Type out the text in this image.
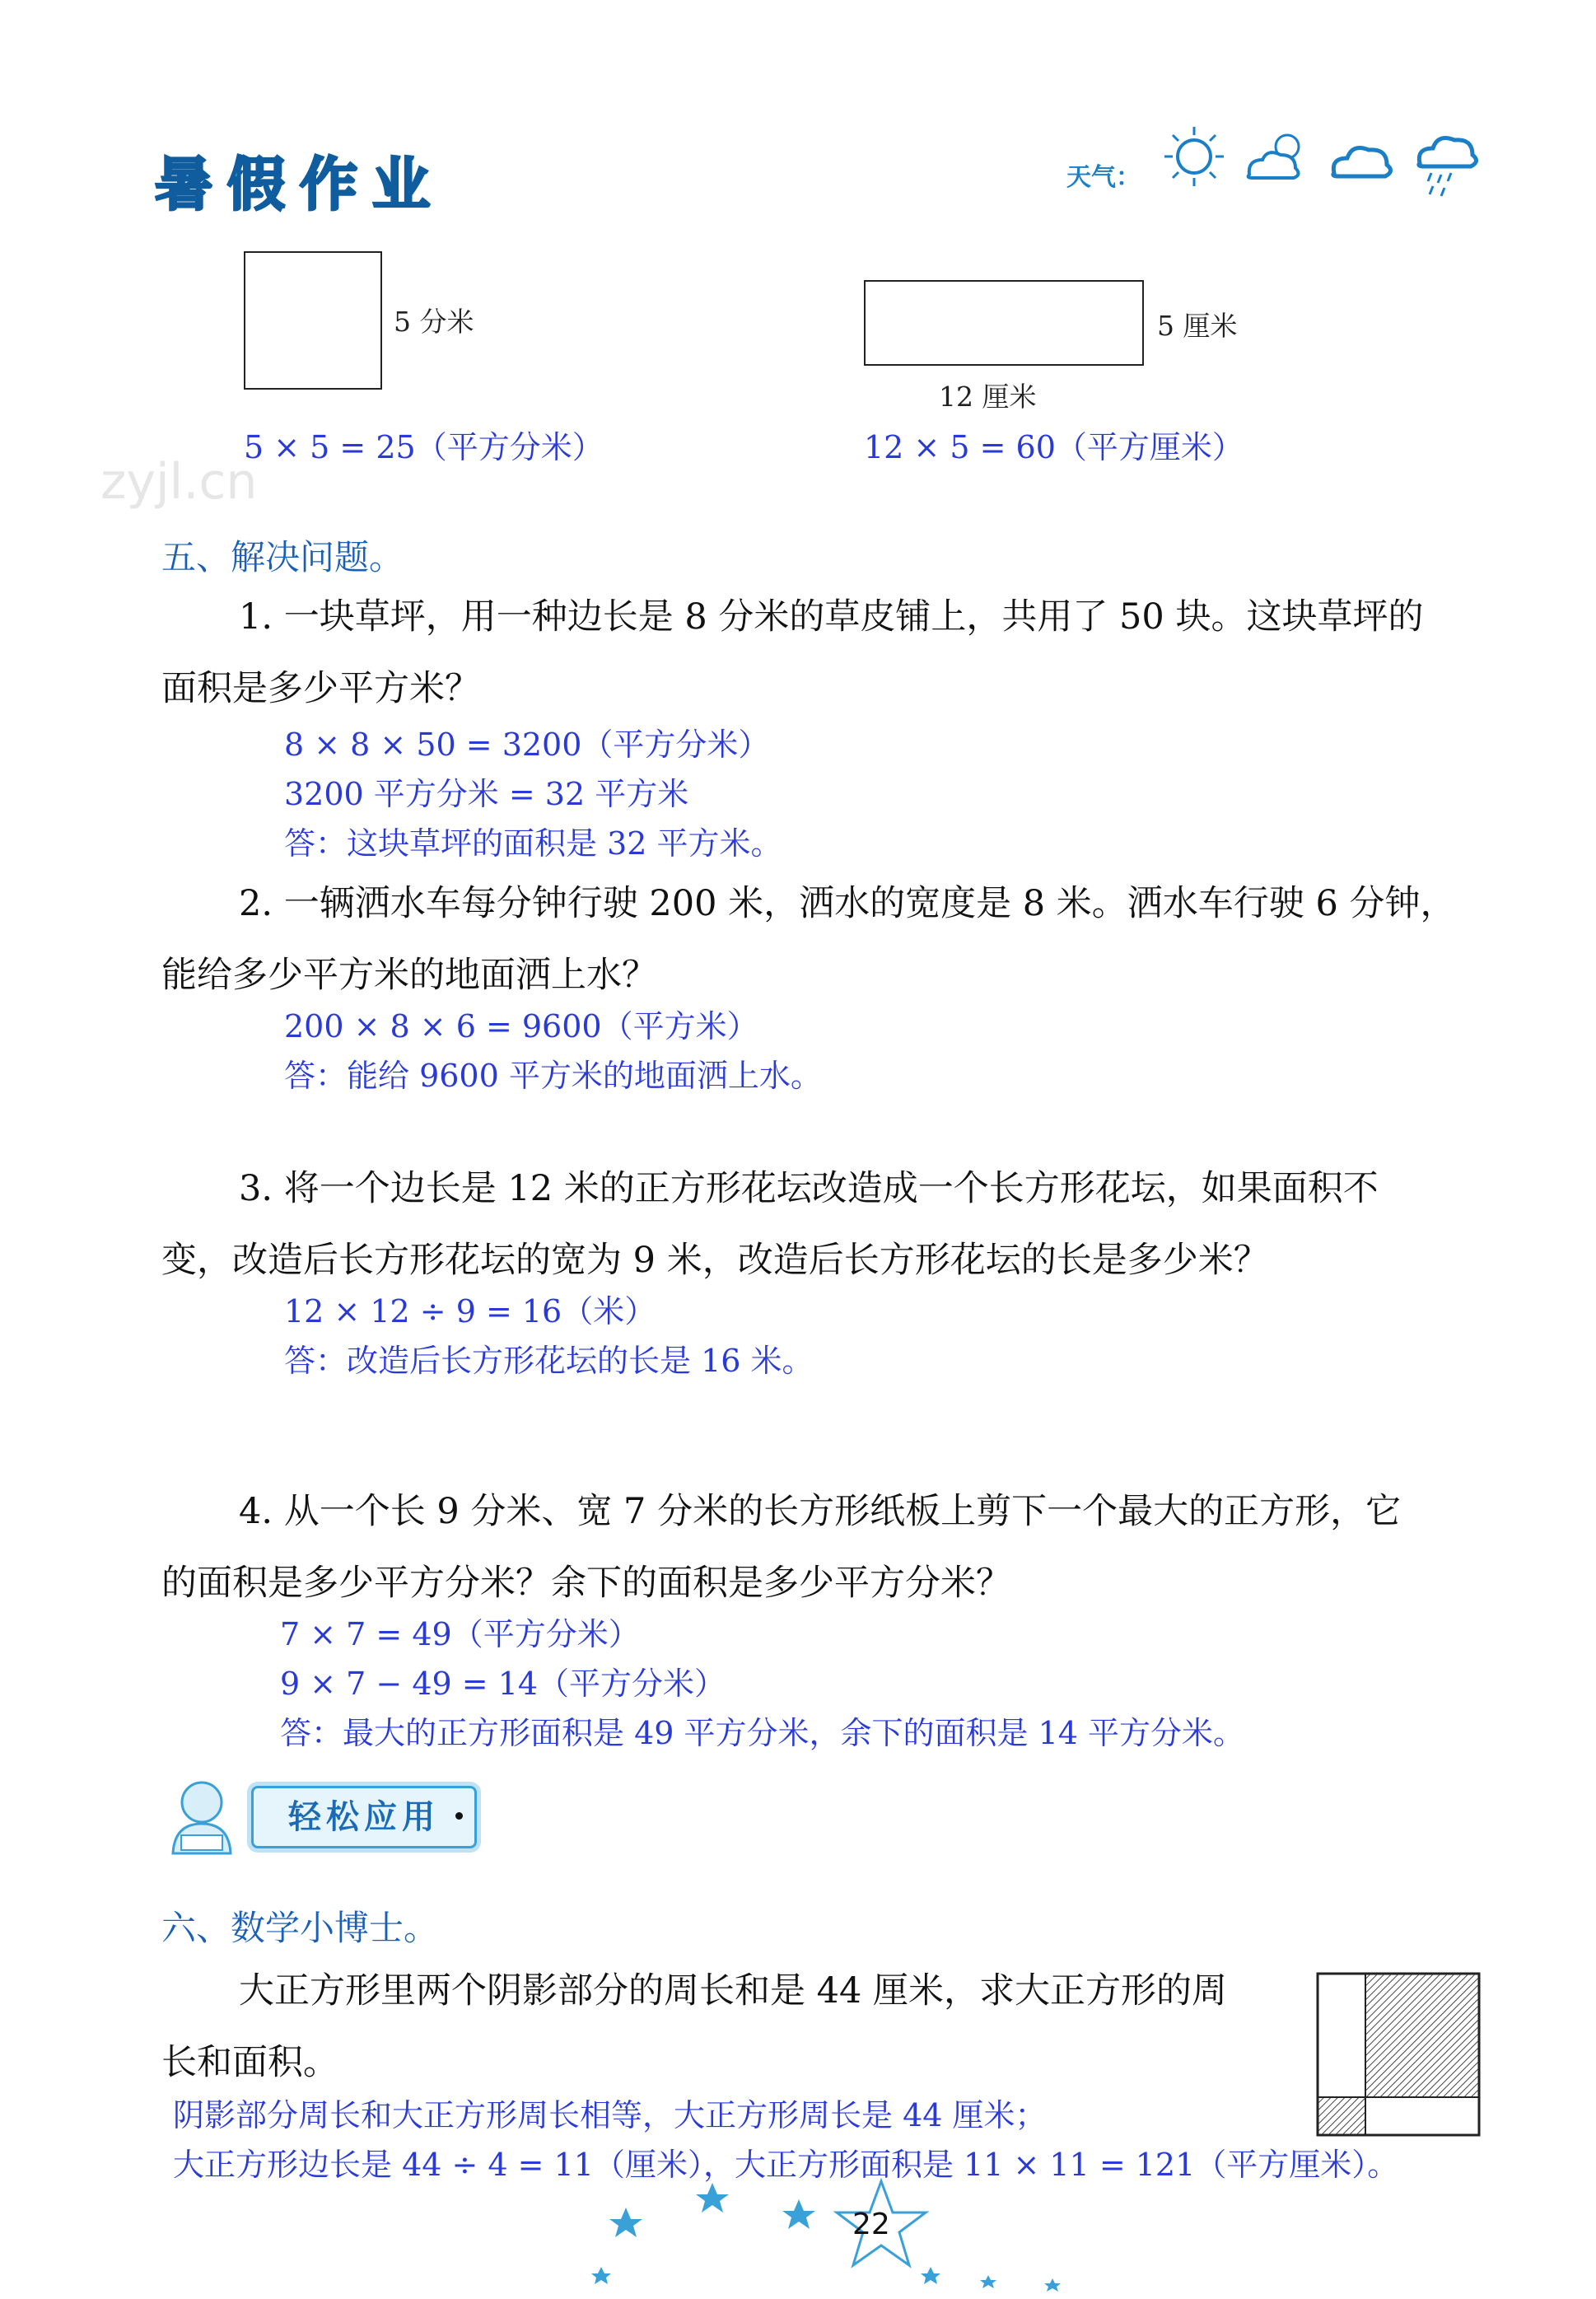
暑假作业	天气：
zyjl.cn
5 分米
5 × 5 = 25（平方分米）
5 厘米
12 厘米
12 × 5 = 60（平方厘米）
五、解决问题。
1. 一块草坪，用一种边长是 8 分米的草皮铺上，共用了 50 块。这块草坪的
面积是多少平方米？
8 × 8 × 50 = 3200（平方分米）
3200 平方分米 = 32 平方米
答：这块草坪的面积是 32 平方米。
2. 一辆洒水车每分钟行驶 200 米，洒水的宽度是 8 米。洒水车行驶 6 分钟，
能给多少平方米的地面洒上水？
200 × 8 × 6 = 9600（平方米）
答：能给 9600 平方米的地面洒上水。
3. 将一个边长是 12 米的正方形花坛改造成一个长方形花坛，如果面积不
变，改造后长方形花坛的宽为 9 米，改造后长方形花坛的长是多少米？
12 × 12 ÷ 9 = 16（米）
答：改造后长方形花坛的长是 16 米。
4. 从一个长 9 分米、宽 7 分米的长方形纸板上剪下一个最大的正方形，它
的面积是多少平方分米？余下的面积是多少平方分米？
7 × 7 = 49（平方分米）
9 × 7 − 49 = 14（平方分米）
答：最大的正方形面积是 49 平方分米，余下的面积是 14 平方分米。
轻松应用
六、数学小博士。
大正方形里两个阴影部分的周长和是 44 厘米，求大正方形的周
长和面积。
阴影部分周长和大正方形周长相等，大正方形周长是 44 厘米；
大正方形边长是 44 ÷ 4 = 11（厘米），大正方形面积是 11 × 11 = 121（平方厘米）。
22
